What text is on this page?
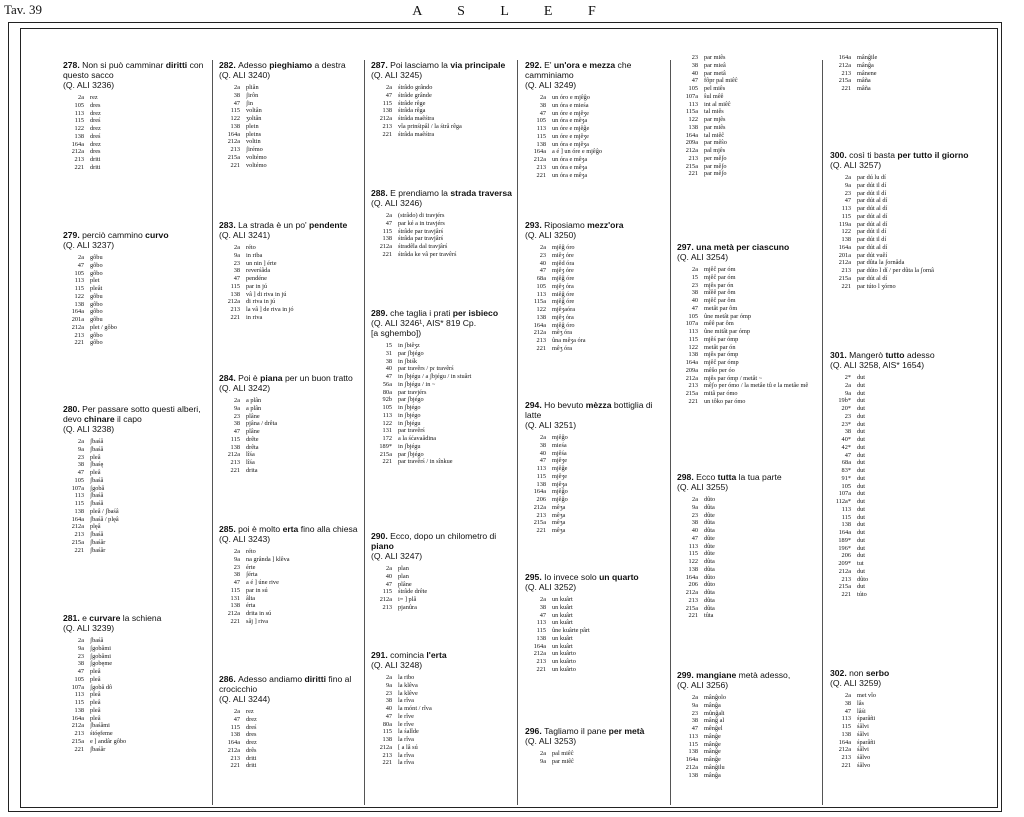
Tav. 39	A S L E F
278. Non si può camminar diritti con questo sacco
(Q. ALI 3236)
2a rez
105 dres
113 drez
115 dreś
122 drez
138 dreś
164a drez
212a dres
213 driti
221 driti
279. perciò cammino curvo
(Q. ALI 3237)
2a gôbu
47 gôbo
105 gôbo
113 plet
115 pleât
122 gôbu
138 gôbo
164a gôbo
201a gôbu
212a plet / gôbo
213 gôbo
221 gôbo
280. Per passare sotto questi alberi, devo chinare il capo
(Q. ALI 3238)
2a ʃbaśâ
9a ʃbaśâ
23 pleâ
38 ʃbaśę
47 pleâ
105 ʃbaśâ
107a ʃgobâ
113 ʃbaśâ
115 ʃbaśâ
138 pleâ / ʃbaśâ
164a ʃbaśâ / plęâ
212a plęâ
213 ʃbaśâ
215a ʃbaśâr
221 ʃbaśâr
281. e curvare la schiena
(Q. ALI 3239)
2a ʃbaśâ
9a ʃgobâmi
23 ʃgobâmi
38 ʃgobęme
47 pleâ
105 pleâ
107a ʃgobâ dô
113 pleâ
115 pleâ
138 pleâ
164a pleâ
212a ʃbaśâmi
213 śtóęfeme
215a e ] andâr gôbo
221 ʃbaśâr
282. Adesso pieghiamo a destra
(Q. ALI 3240)
2a pliân
38 ʃirôn
47 ʃin
115 voltân
122 ʒoltân
138 plein
164a pleins
212a voltin
213 ʃirémo
215a voltémo
221 voltémo
283. La strada è un po' pendente
(Q. ALI 3241)
2a réto
9a in riba
23 un nin ] érte
38 reverśâda
47 pendéne
115 par in jú
138 vâ ] di riva in jú
212a di riva in jú
213 la vâ ] de riva in jó
221 in riva
284. Poi è piana per un buon tratto
(Q. ALI 3242)
2a a plân
9a a plân
23 plâne
38 pjâna / drêta
47 plâne
115 drête
138 drêta
212a lîśa
213 lîśa
221 drita
285. poi è molto erta fino alla chiesa
(Q. ALI 3243)
2a réto
9a na grânda ] klêva
23 érte
38 ʃérta
47 a é ] úne rive
115 par in sú
131 âlta
138 érta
212a drita in sú
221 sâj ] riva
286. Adesso andiamo diritti fino al crocicchio
(Q. ALI 3244)
2a rez
47 drez
115 dreś
138 dres
164a drez
212a drês
213 driti
221 driti
287. Poi lasciamo la via principale
(Q. ALI 3245)
2a śtrâdo grândo
47 śtrâde grânde
115 śtrâde rêge
138 śtrâda rêga
212a śtrâda maêśtra
213 vîa prinśipâl / la śtrâ rêga
221 śtrâda maêśtra
288. E prendiamo la strada traversa
(Q. ALI 3246)
2a (strâdo) di travjérs
47 par ké a in travjérs
115 śtrâde par travjârś
138 śtrâda par travjârś
212a śtradêla dal travjârś
221 śtrâda ke vâ per travêrś
289. che taglia i prati per isbieco
(Q. ALI 3246¹, AIS* 819 Cp.
[a sghembo])
15 in ʃbiêʒz
31 par ʃbjégo
38 in ʃbiśk
40 par travêrs / pɾ travêrś
47 in ʃbjégu / a ʃbjégu / in stuârt
56a in ʃbjégu / in ~
80a par travjérs
92b par ʃbjégo
105 in ʃbjégo
113 in ʃbjégo
122 in ʃbjégu
131 par travêrś
172 a la śćavaâdina
189* in ʃbjégu
215a par ʃbjégo
221 par travêrś / in sînkue
290. Ecco, dopo un chilometro di piano
(Q. ALI 3247)
2a plan
40 plan
47 plâne
115 śtrâde drête
212a i= ] plâ
213 pjanûra
291. comincia l'erta
(Q. ALI 3248)
2a la ribo
9a la klêva
23 la klêve
38 la rîva
40 la mónt / rîva
47 le rîve
80a le rîve
115 la śalîde
138 la rîva
212a [ a lâ sú
213 la rîva
221 la rîva
292. E' un'ora e mezza che camminiamo
(Q. ALI 3249)
2a un óro e mjêĝo
38 un óra e mieśa
47 un óre e mjêʒe
105 un óra e mêʒa
113 un óre e mjêĝe
115 un óre e mjêʒe
138 un óra e mjêʒa
164a a é ] un óre e mjêĝo
212a un óra e mêʒa
213 un óra e mêʒa
221 un óra e mêʒa
293. Riposiamo mezz'ora
(Q. ALI 3250)
2a mjêĝ óro
23 miêʒ óre
40 mjêd óra
47 mjêʒ óre
68a mjêĝ óre
105 mjêʒ óra
113 miêĝ óre
115a mjêĝ óre
122 mjêʒaóra
138 mjêʒ óra
164a mjêĝ óro
212a mêʒ óra
213 ûna mêʒa óra
221 mêʒ óra
294. Ho bevuto mèzza bottiglia di latte
(Q. ALI 3251)
2a mjêĝo
38 mieśa
40 mjêśa
47 mjêʒe
113 mjêĝe
115 mjêʒe
138 mjêʒa
164a mjêĝo
206 mjêĝo
212a mêʒa
213 mêʒa
215a mêʒa
221 mêʒa
295. Io invece solo un quarto
(Q. ALI 3252)
2a un kuârt
38 un kuârt
47 un kuârt
113 un kuârt
115 ûne kuârte pârt
138 un kuârt
164a un kuârt
212a un kuârto
213 un kuârto
221 un kuârto
296. Tagliamo il pane per metà
(Q. ALI 3253)
2a pal miêĉ
9a par miêĉ
23 par miês
38 par mieâ
40 par metâ
47 fôpr pal miêĉ
105 pel miês
107a ŝul mêê
113 int al miêĉ
115a tal miês
122 par mjês
138 par miês
164a tal miêĉ
209a par mêŝo
212a pal mjês
213 per mêʃo
215a par mêʃo
221 par mêʃo
297. una metà per ciascuno
(Q. ALI 3254)
2a mjêĉ par óm
15 mjêĉ par óm
23 mjês par ón
38 mîêê par ôm
40 mjêĉ par ôm
47 metât par ôm
105 ûne metât par ómp
107a mêê par ôm
113 ûne mitât par ómp
115 mjêś par ómp
122 metât par ón
138 mjês par ómp
164a mjêĉ par ómp
209a mêŝo per óo
212a mjês par ómp / metât ~
213 mêʃo per ómo / la metâe tû e la metâe mê
215a mitâ par ómo
221 un tôko par ómo
298. Ecco tutta la tua parte
(Q. ALI 3255)
2a dûto
9a dûta
23 dûte
38 dûta
40 dûta
47 dûte
113 dûte
115 dûte
122 dûta
138 dûta
164a dûto
206 dûto
212a dûta
213 dûta
215a dûta
221 tûta
299. mangiane metà adesso,
(Q. ALI 3256)
2a mânĝolo
9a mânĝa
23 mûnĝali
38 mânĝ al
47 mênĝel
113 mânĝe
115 mânĝe
138 mânĝe
164a mânĝe
212a mânĝilu
138 mânĝa
164a mânĝile
212a mânĝa
213 mânene
215a mâña
221 mâña
300. così ti basta per tutto il giorno
(Q. ALI 3257)
2a par dú lu dí
9a par dút il dí
23 par dút il dí
47 par dút al dí
113 par dút al dí
115 par dút al dí
119a par dút al dí
122 par dút il dí
138 par dút il dí
164a par dút al dí
201a par dút vuêí
212a par dûta la ʃornâda
213 par dúto l dí / per dûta la ʃornâ
215a par dút al dí
221 par túto l ʒórno
301. Mangerò tutto adesso
(Q. ALI 3258, AIS* 1654)
2* dut
2a dut
9a dut
19b* dut
20* dut
23 dut
23* dut
38 dut
40* dut
42* dut
47 dut
68a dut
83* dut
91* dut
105 dut
107a dut
112a* dut
113 dut
115 dut
138 dut
164a dut
189* dut
196* dut
206 dut
209* tut
212a dut
213 dûto
215a dut
221 túto
302. non serbo
(Q. ALI 3259)
2a met vîo
38 lâs
47 lâśi
113 śparâñi
115 śâlvi
138 śâlvi
164a śparâñi
212a śâlvi
213 śâlvo
221 śâlvo
